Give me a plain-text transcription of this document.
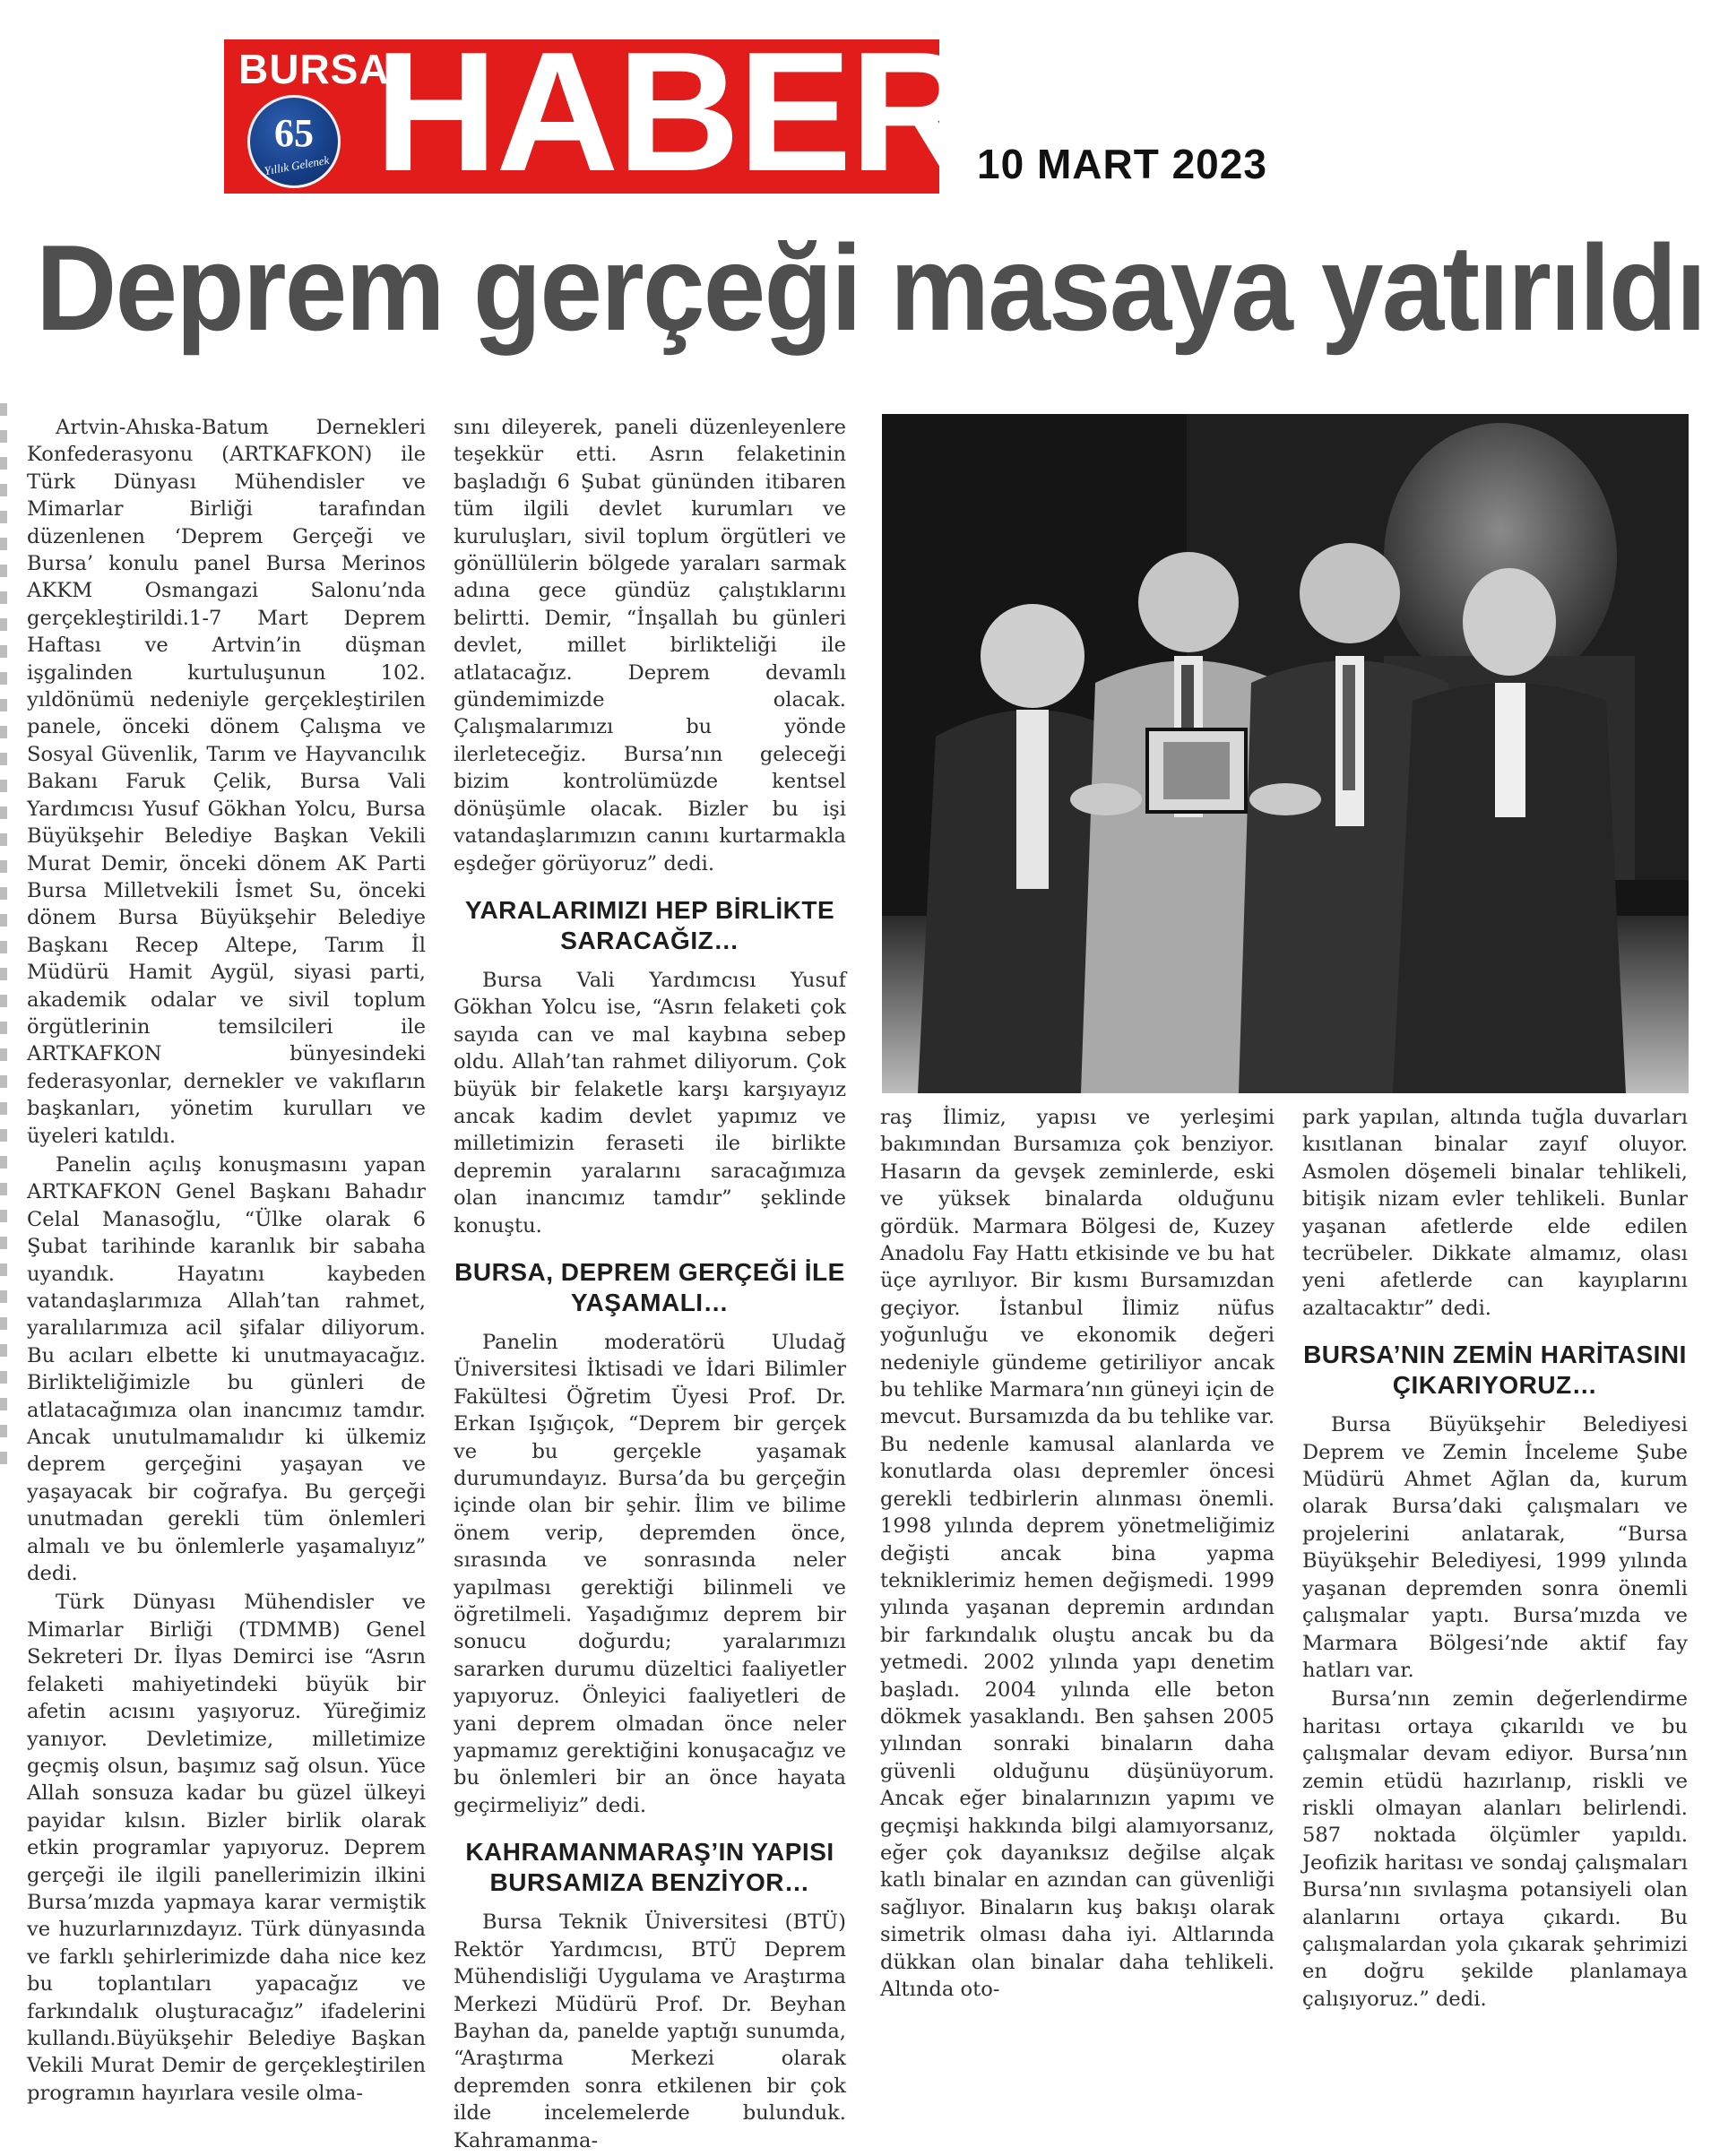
BURSA
HABER
65
Yıllık Gelenek	10 MART 2023
Deprem gerçeği masaya yatırıldı

Artvin-Ahıska-Batum Dernekleri Konfederasyonu (ARTKAFKON) ile Türk Dünyası Mühendisler ve Mimarlar Birliği tarafından düzenlenen ‘Deprem Gerçeği ve Bursa’ konulu panel Bursa Merinos AKKM Osmangazi Salonu’nda gerçekleştirildi.1-7 Mart Deprem Haftası ve Artvin’in düşman işgalinden kurtuluşunun 102. yıldönümü nedeniyle gerçekleştirilen panele, önceki dönem Çalışma ve Sosyal Güvenlik, Tarım ve Hayvancılık Bakanı Faruk Çelik, Bursa Vali Yardımcısı Yusuf Gökhan Yolcu, Bursa Büyükşehir Belediye Başkan Vekili Murat Demir, önceki dönem AK Parti Bursa Milletvekili İsmet Su, önceki dönem Bursa Büyükşehir Belediye Başkanı Recep Altepe, Tarım İl Müdürü Hamit Aygül, siyasi parti, akademik odalar ve sivil toplum örgütlerinin temsilcileri ile ARTKAFKON bünyesindeki federasyonlar, dernekler ve vakıfların başkanları, yönetim kurulları ve üyeleri katıldı.

Panelin açılış konuşmasını yapan ARTKAFKON Genel Başkanı Bahadır Celal Manasoğlu, “Ülke olarak 6 Şubat tarihinde karanlık bir sabaha uyandık. Hayatını kaybeden vatandaşlarımıza Allah’tan rahmet, yaralılarımıza acil şifalar diliyorum. Bu acıları elbette ki unutmayacağız. Birlikteliğimizle bu günleri de atlatacağımıza olan inancımız tamdır. Ancak unutulmamalıdır ki ülkemiz deprem gerçeğini yaşayan ve yaşayacak bir coğrafya. Bu gerçeği unutmadan gerekli tüm önlemleri almalı ve bu önlemlerle yaşamalıyız” dedi.

Türk Dünyası Mühendisler ve Mimarlar Birliği (TDMMB) Genel Sekreteri Dr. İlyas Demirci ise “Asrın felaketi mahiyetindeki büyük bir afetin acısını yaşıyoruz. Yüreğimiz yanıyor. Devletimize, milletimize geçmiş olsun, başımız sağ olsun. Yüce Allah sonsuza kadar bu güzel ülkeyi payidar kılsın. Bizler birlik olarak etkin programlar yapıyoruz. Deprem gerçeği ile ilgili panellerimizin ilkini Bursa’mızda yapmaya karar vermiştik ve huzurlarınızdayız. Türk dünyasında ve farklı şehirlerimizde daha nice kez bu toplantıları yapacağız ve farkındalık oluşturacağız” ifadelerini kullandı.Büyükşehir Belediye Başkan Vekili Murat Demir de gerçekleştirilen programın hayırlara vesile olma-

sını dileyerek, paneli düzenleyenlere teşekkür etti. Asrın felaketinin başladığı 6 Şubat gününden itibaren tüm ilgili devlet kurumları ve kuruluşları, sivil toplum örgütleri ve gönüllülerin bölgede yaraları sarmak adına gece gündüz çalıştıklarını belirtti. Demir, “İnşallah bu günleri devlet, millet birlikteliği ile atlatacağız. Deprem devamlı gündemimizde olacak. Çalışmalarımızı bu yönde ilerleteceğiz. Bursa’nın geleceği bizim kontrolümüzde kentsel dönüşümle olacak. Bizler bu işi vatandaşlarımızın canını kurtarmakla eşdeğer görüyoruz” dedi.

YARALARIMIZI HEP BİRLİKTE SARACAĞIZ…

Bursa Vali Yardımcısı Yusuf Gökhan Yolcu ise, “Asrın felaketi çok sayıda can ve mal kaybına sebep oldu. Allah’tan rahmet diliyorum. Çok büyük bir felaketle karşı karşıyayız ancak kadim devlet yapımız ve milletimizin feraseti ile birlikte depremin yaralarını saracağımıza olan inancımız tamdır” şeklinde konuştu.

BURSA, DEPREM GERÇEĞİ İLE YAŞAMALI…

Panelin moderatörü Uludağ Üniversitesi İktisadi ve İdari Bilimler Fakültesi Öğretim Üyesi Prof. Dr. Erkan Işığıçok, “Deprem bir gerçek ve bu gerçekle yaşamak durumundayız. Bursa’da bu gerçeğin içinde olan bir şehir. İlim ve bilime önem verip, depremden önce, sırasında ve sonrasında neler yapılması gerektiği bilinmeli ve öğretilmeli. Yaşadığımız deprem bir sonucu doğurdu; yaralarımızı sararken durumu düzeltici faaliyetler yapıyoruz. Önleyici faaliyetleri de yani deprem olmadan önce neler yapmamız gerektiğini konuşacağız ve bu önlemleri bir an önce hayata geçirmeliyiz” dedi.

KAHRAMANMARAŞ’IN YAPISI BURSAMIZA BENZİYOR…

Bursa Teknik Üniversitesi (BTÜ) Rektör Yardımcısı, BTÜ Deprem Mühendisliği Uygulama ve Araştırma Merkezi Müdürü Prof. Dr. Beyhan Bayhan da, panelde yaptığı sunumda, “Araştırma Merkezi olarak depremden sonra etkilenen bir çok ilde incelemelerde bulunduk. Kahramanma-

raş İlimiz, yapısı ve yerleşimi bakımından Bursamıza çok benziyor. Hasarın da gevşek zeminlerde, eski ve yüksek binalarda olduğunu gördük. Marmara Bölgesi de, Kuzey Anadolu Fay Hattı etkisinde ve bu hat üçe ayrılıyor. Bir kısmı Bursamızdan geçiyor. İstanbul İlimiz nüfus yoğunluğu ve ekonomik değeri nedeniyle gündeme getiriliyor ancak bu tehlike Marmara’nın güneyi için de mevcut. Bursamızda da bu tehlike var. Bu nedenle kamusal alanlarda ve konutlarda olası depremler öncesi gerekli tedbirlerin alınması önemli. 1998 yılında deprem yönetmeliğimiz değişti ancak bina yapma tekniklerimiz hemen değişmedi. 1999 yılında yaşanan depremin ardından bir farkındalık oluştu ancak bu da yetmedi. 2002 yılında yapı denetim başladı. 2004 yılında elle beton dökmek yasaklandı. Ben şahsen 2005 yılından sonraki binaların daha güvenli olduğunu düşünüyorum. Ancak eğer binalarınızın yapımı ve geçmişi hakkında bilgi alamıyorsanız, eğer çok dayanıksız değilse alçak katlı binalar en azından can güvenliği sağlıyor. Binaların kuş bakışı olarak simetrik olması daha iyi. Altlarında dükkan olan binalar daha tehlikeli. Altında oto-

park yapılan, altında tuğla duvarları kısıtlanan binalar zayıf oluyor. Asmolen döşemeli binalar tehlikeli, bitişik nizam evler tehlikeli. Bunlar yaşanan afetlerde elde edilen tecrübeler. Dikkate almamız, olası yeni afetlerde can kayıplarını azaltacaktır” dedi.

BURSA’NIN ZEMİN HARİTASINI ÇIKARIYORUZ…

Bursa Büyükşehir Belediyesi Deprem ve Zemin İnceleme Şube Müdürü Ahmet Ağlan da, kurum olarak Bursa’daki çalışmaları ve projelerini anlatarak, “Bursa Büyükşehir Belediyesi, 1999 yılında yaşanan depremden sonra önemli çalışmalar yaptı. Bursa’mızda ve Marmara Bölgesi’nde aktif fay hatları var.

Bursa’nın zemin değerlendirme haritası ortaya çıkarıldı ve bu çalışmalar devam ediyor. Bursa’nın zemin etüdü hazırlanıp, riskli ve riskli olmayan alanları belirlendi. 587 noktada ölçümler yapıldı. Jeofizik haritası ve sondaj çalışmaları Bursa’nın sıvılaşma potansiyeli olan alanlarını ortaya çıkardı. Bu çalışmalardan yola çıkarak şehrimizi en doğru şekilde planlamaya çalışıyoruz.” dedi.
